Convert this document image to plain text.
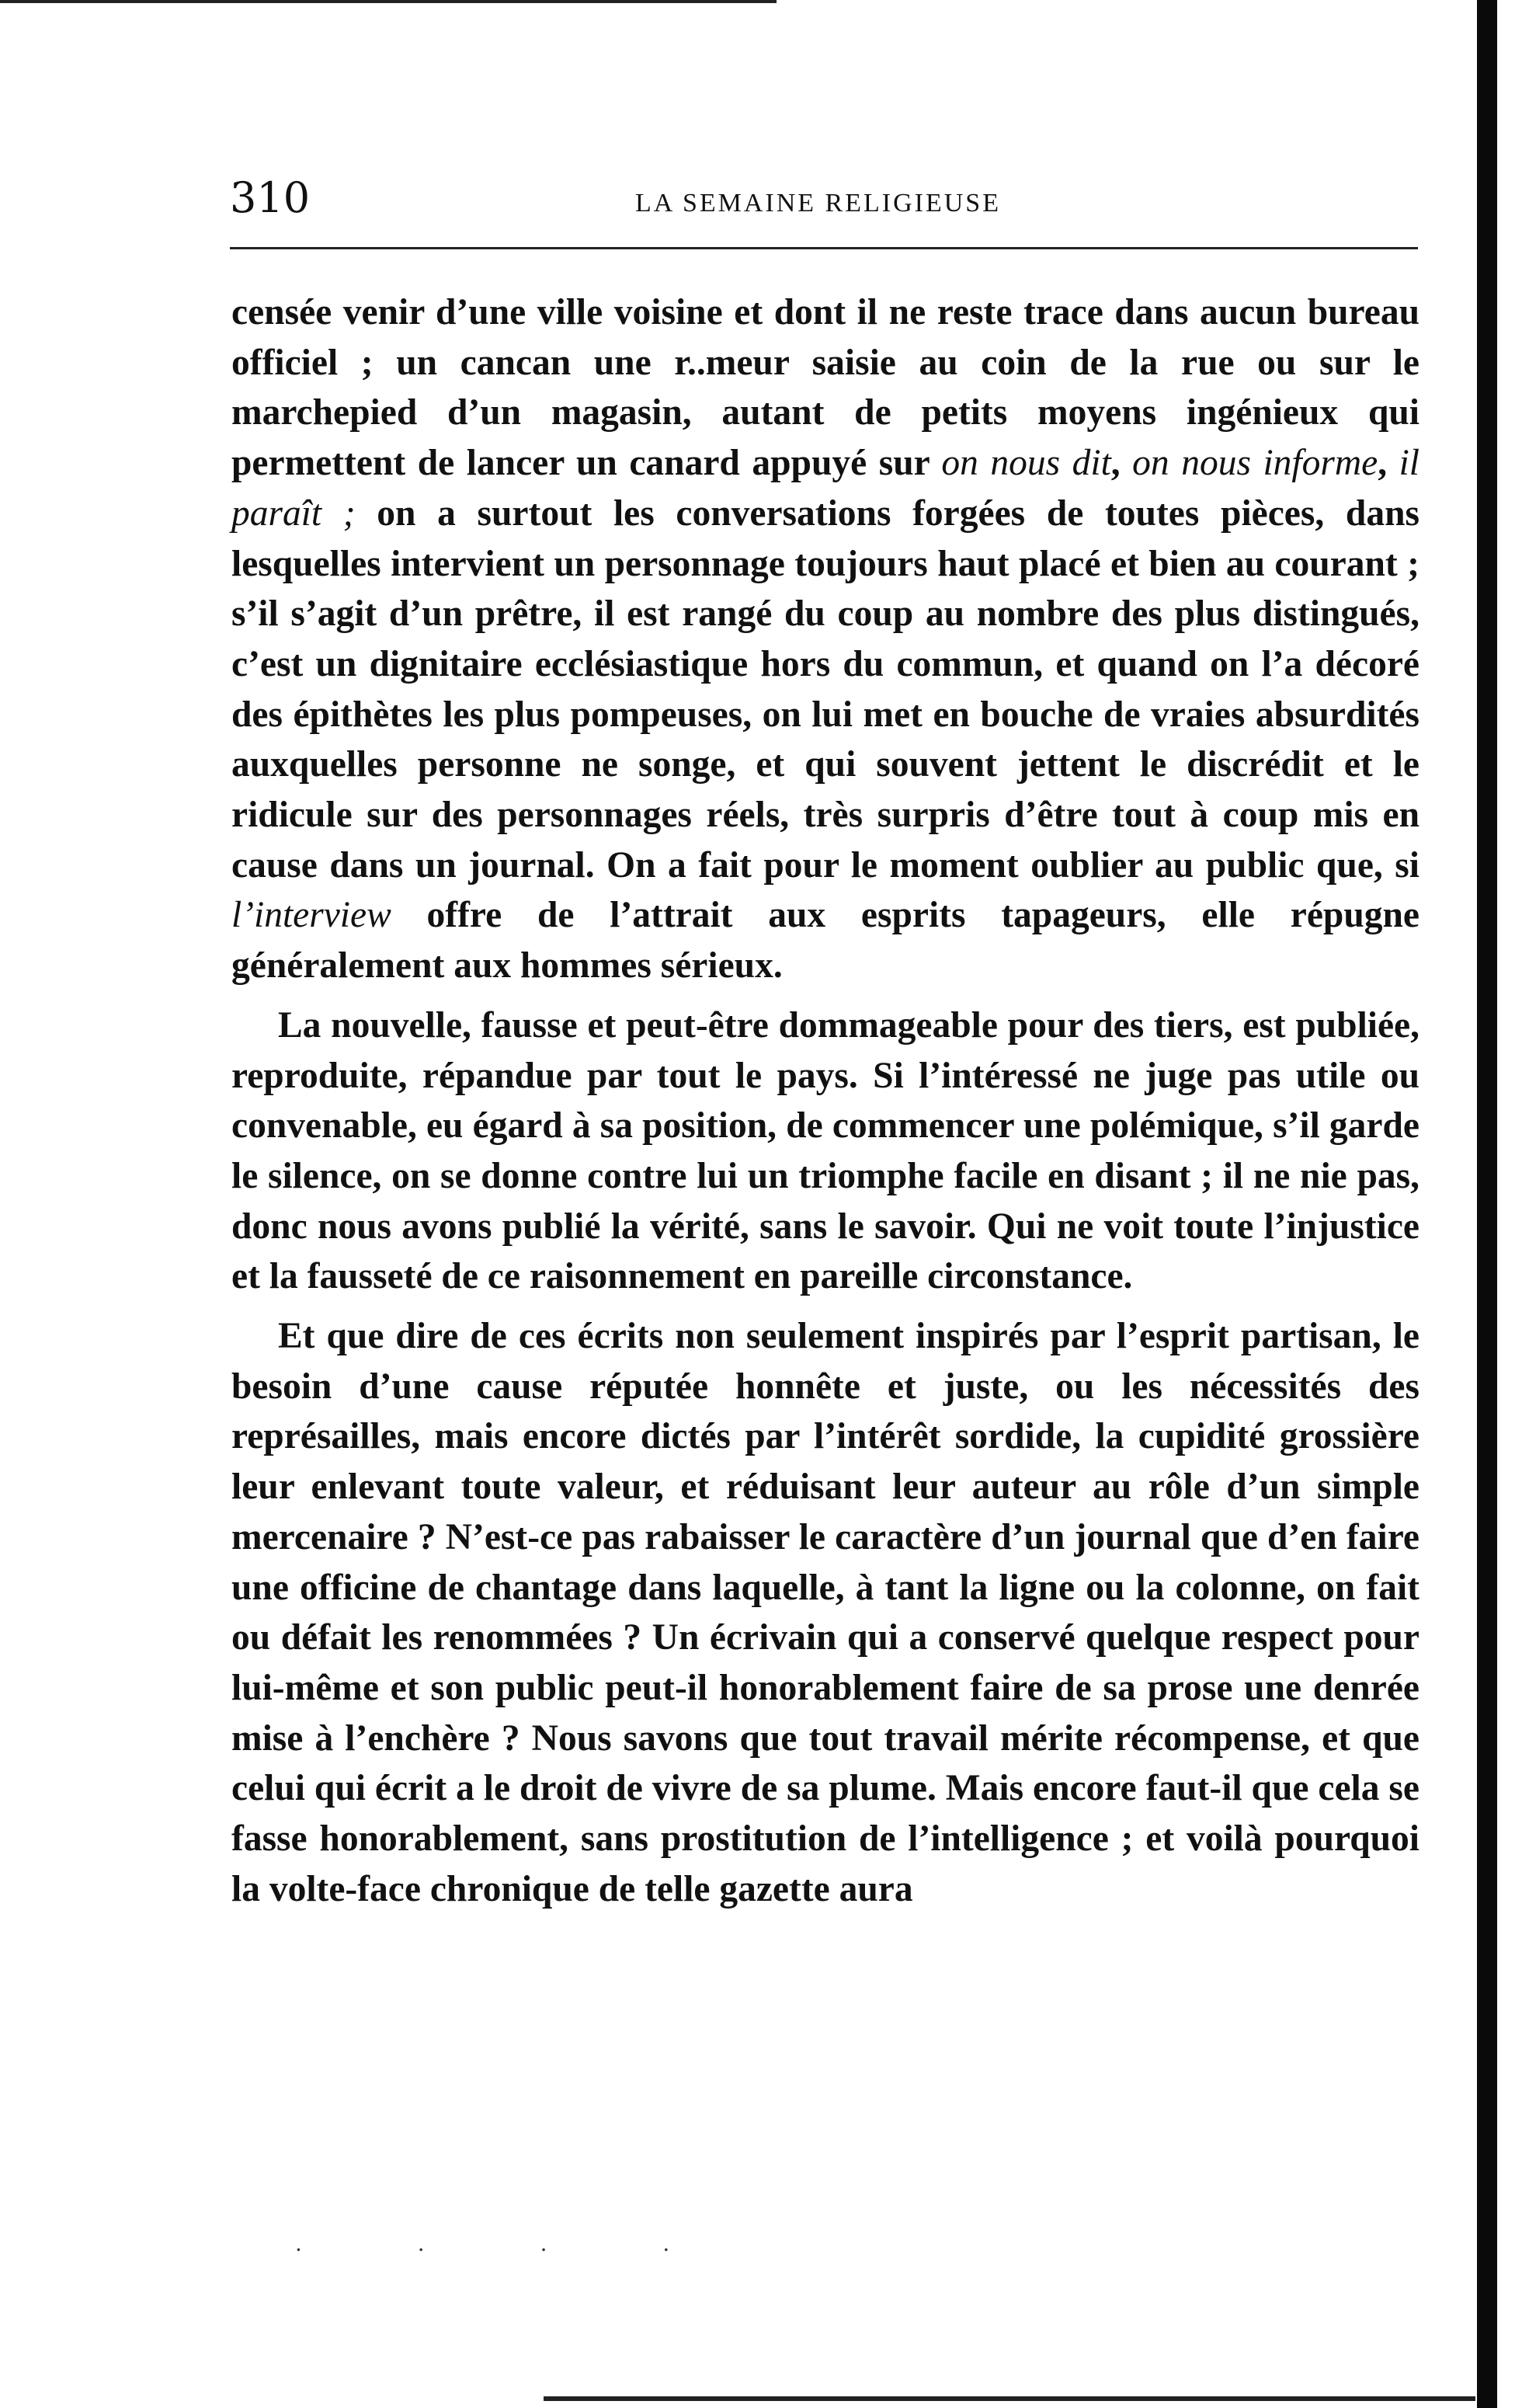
310	LA SEMAINE RELIGIEUSE

censée venir d’une ville voisine et dont il ne reste trace dans aucun bureau officiel ; un cancan une r..meur saisie au coin de la rue ou sur le marchepied d’un magasin, autant de petits moyens ingénieux qui permettent de lancer un canard appuyé sur on nous dit, on nous informe, il paraît ; on a surtout les conversations forgées de toutes pièces, dans lesquelles intervient un personnage toujours haut placé et bien au courant ; s’il s’agit d’un prêtre, il est rangé du coup au nombre des plus distingués, c’est un dignitaire ecclésiastique hors du commun, et quand on l’a décoré des épithètes les plus pompeuses, on lui met en bouche de vraies absurdités auxquelles personne ne songe, et qui souvent jettent le discrédit et le ridicule sur des personnages réels, très surpris d’être tout à coup mis en cause dans un journal. On a fait pour le moment oublier au public que, si l’interview offre de l’attrait aux esprits tapageurs, elle répugne généralement aux hommes sérieux.

La nouvelle, fausse et peut-être dommageable pour des tiers, est publiée, reproduite, répandue par tout le pays. Si l’intéressé ne juge pas utile ou convenable, eu égard à sa position, de commencer une polémique, s’il garde le silence, on se donne contre lui un triomphe facile en disant ; il ne nie pas, donc nous avons publié la vérité, sans le savoir. Qui ne voit toute l’injustice et la fausseté de ce raisonnement en pareille circonstance.

Et que dire de ces écrits non seulement inspirés par l’esprit partisan, le besoin d’une cause réputée honnête et juste, ou les nécessités des représailles, mais encore dictés par l’intérêt sordide, la cupidité grossière leur enlevant toute valeur, et réduisant leur auteur au rôle d’un simple mercenaire ? N’est-ce pas rabaisser le caractère d’un journal que d’en faire une officine de chantage dans laquelle, à tant la ligne ou la colonne, on fait ou défait les renommées ? Un écrivain qui a conservé quelque respect pour lui-même et son public peut-il honorablement faire de sa prose une denrée mise à l’enchère ? Nous savons que tout travail mérite récompense, et que celui qui écrit a le droit de vivre de sa plume. Mais encore faut-il que cela se fasse honorablement, sans prostitution de l’intelligence ; et voilà pourquoi la volte-face chronique de telle gazette aura

· · · ·
